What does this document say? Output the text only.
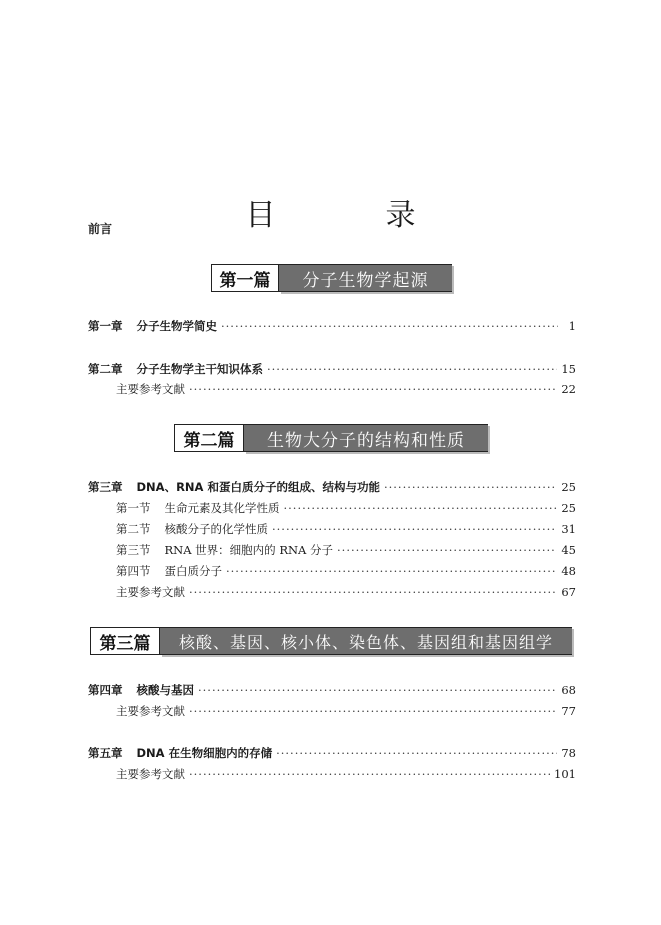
目　录
前言
第一篇	分子生物学起源
第一章 分子生物学简史 ·····	1
第二章 分子生物学主干知识体系 ·····	15
主要参考文献 ·····	22
第二篇	生物大分子的结构和性质
第三章 DNA、RNA 和蛋白质分子的组成、结构与功能 ·····	25
第一节 生命元素及其化学性质 ·····	25
第二节 核酸分子的化学性质 ·····	31
第三节 RNA 世界：细胞内的 RNA 分子 ·····	45
第四节 蛋白质分子 ·····	48
主要参考文献 ·····	67
第三篇	核酸、基因、核小体、染色体、基因组和基因组学
第四章 核酸与基因 ·····	68
主要参考文献 ·····	77
第五章 DNA 在生物细胞内的存储 ·····	78
主要参考文献 ·····	101
